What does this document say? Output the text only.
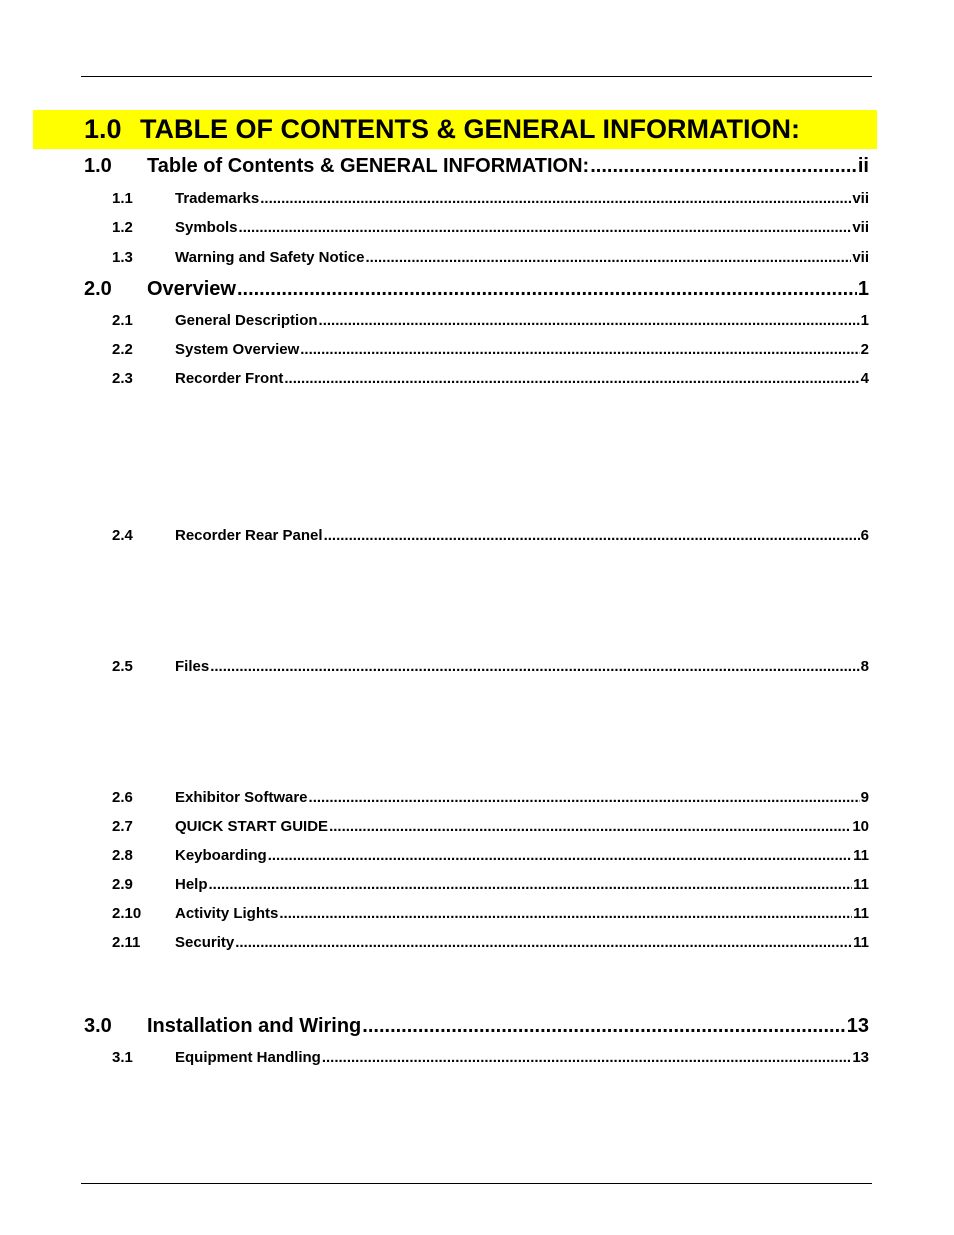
1.0 TABLE OF CONTENTS & GENERAL INFORMATION:
1.0	Table of Contents & GENERAL INFORMATION: .....	ii
1.1	Trademarks .....	vii
1.2	Symbols .....	vii
1.3	Warning and Safety Notice .....	vii
2.0	Overview .....	1
2.1	General Description .....	1
2.2	System Overview .....	2
2.3	Recorder Front .....	4
2.4	Recorder Rear Panel .....	6
2.5	Files .....	8
2.6	Exhibitor Software .....	9
2.7	QUICK START GUIDE .....	10
2.8	Keyboarding .....	11
2.9	Help .....	11
2.10	Activity Lights .....	11
2.11	Security .....	11
3.0	Installation and Wiring .....	13
3.1	Equipment Handling .....	13
